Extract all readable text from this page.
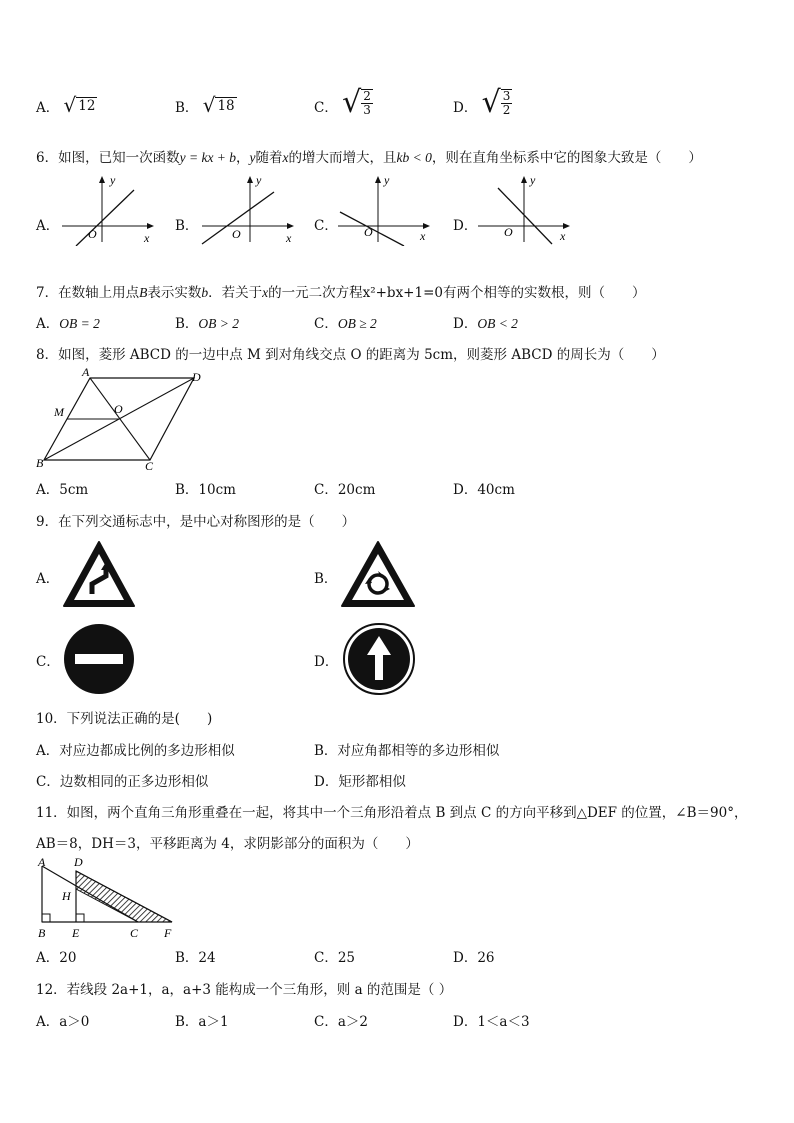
A． √ 12	B． √ 18	C． √ $\frac{2}{3}$	D． √ $\frac{3}{2}$
6．如图，已知一次函数y = kx + b，y随着x的增大而增大，且kb < 0，则在直角坐标系中它的图象大致是（　　）
A．
y
x
O	B．
y
x
O	C．
y
x
O	D．
y
x
O
7．在数轴上用点B表示实数b．若关于x的一元二次方程x²+bx+1=0有两个相等的实数根，则（　　）
A．OB = 2	B．OB > 2	C．OB ≥ 2	D．OB < 2
8．如图，菱形 ABCD 的一边中点 M 到对角线交点 O 的距离为 5cm，则菱形 ABCD 的周长为（　　）
A	D
M	O
B	C
A．5cm	B．10cm	C．20cm	D．40cm
9．在下列交通标志中，是中心对称图形的是（　　）
A．	B．
C．	D．
10．下列说法正确的是(　　)
A．对应边都成比例的多边形相似	B．对应角都相等的多边形相似
C．边数相同的正多边形相似	D．矩形都相似
11．如图，两个直角三角形重叠在一起，将其中一个三角形沿着点 B 到点 C 的方向平移到△DEF 的位置，∠B＝90°，
AB＝8，DH＝3，平移距离为 4，求阴影部分的面积为（　　）
A D
H
B E	C F
A．20	B．24	C．25	D．26
12．若线段 2a+1，a，a+3 能构成一个三角形，则 a 的范围是（ ）
A．a＞0	B．a＞1	C．a＞2	D．1＜a＜3
